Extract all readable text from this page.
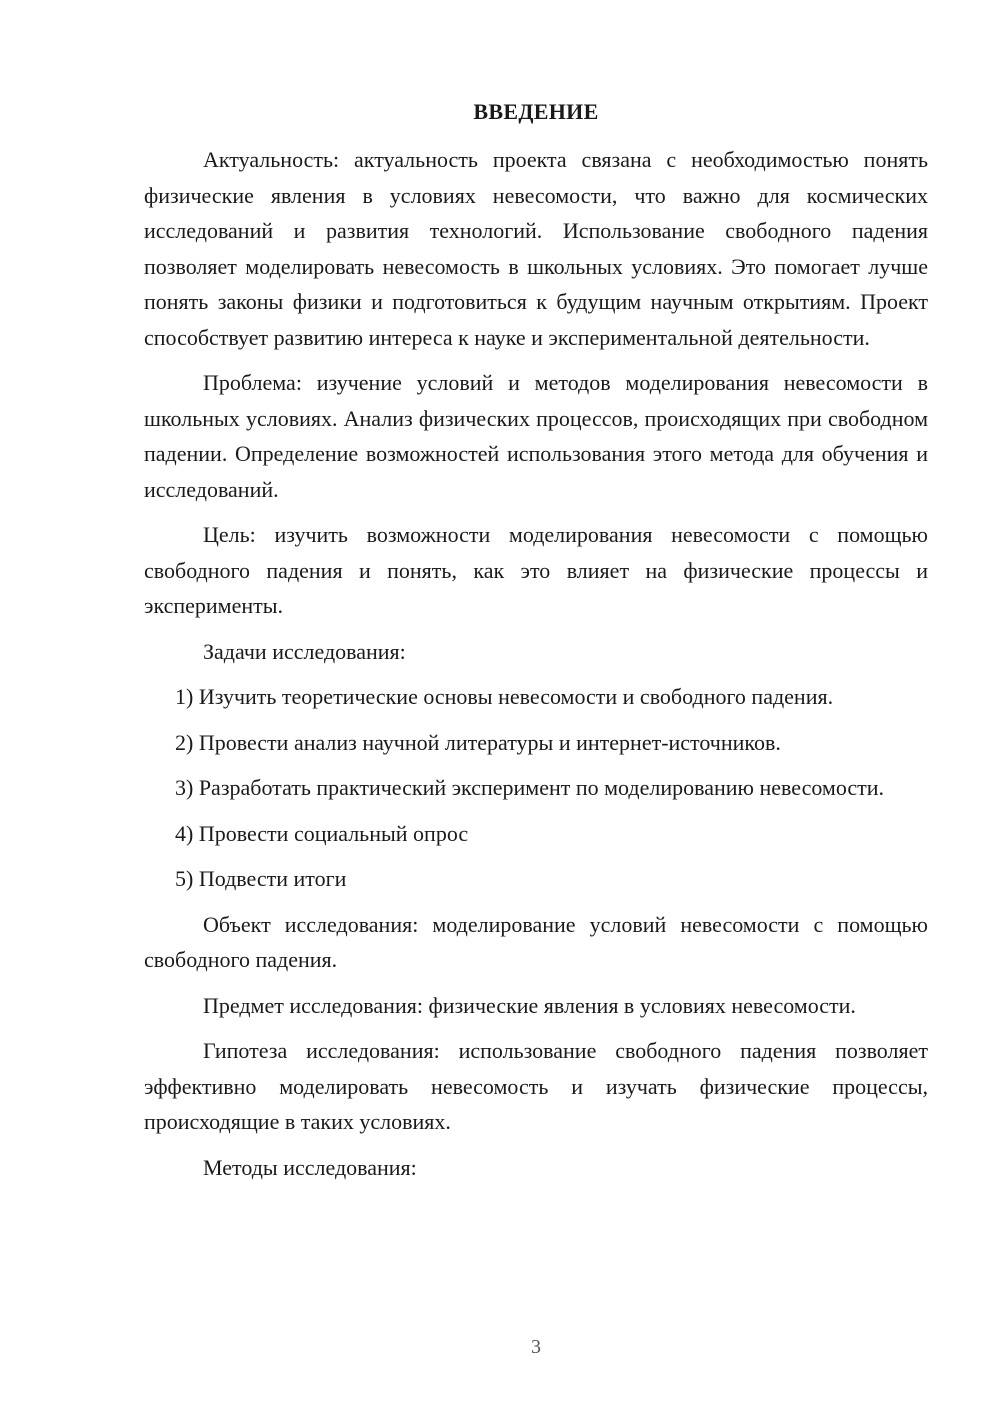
ВВЕДЕНИЕ

Актуальность: актуальность проекта связана с необходимостью понять физические явления в условиях невесомости, что важно для космических исследований и развития технологий. Использование свободного падения позволяет моделировать невесомость в школьных условиях. Это помогает лучше понять законы физики и подготовиться к будущим научным открытиям. Проект способствует развитию интереса к науке и экспериментальной деятельности.

Проблема: изучение условий и методов моделирования невесомости в школьных условиях. Анализ физических процессов, происходящих при свободном падении. Определение возможностей использования этого метода для обучения и исследований.

Цель: изучить возможности моделирования невесомости с помощью свободного падения и понять, как это влияет на физические процессы и эксперименты.

Задачи исследования:

1) Изучить теоретические основы невесомости и свободного падения.

2) Провести анализ научной литературы и интернет-источников.

3) Разработать практический эксперимент по моделированию невесомости.

4) Провести социальный опрос

5) Подвести итоги

Объект исследования: моделирование условий невесомости с помощью свободного падения.

Предмет исследования: физические явления в условиях невесомости.

Гипотеза исследования: использование свободного падения позволяет эффективно моделировать невесомость и изучать физические процессы, происходящие в таких условиях.

Методы исследования:

3
